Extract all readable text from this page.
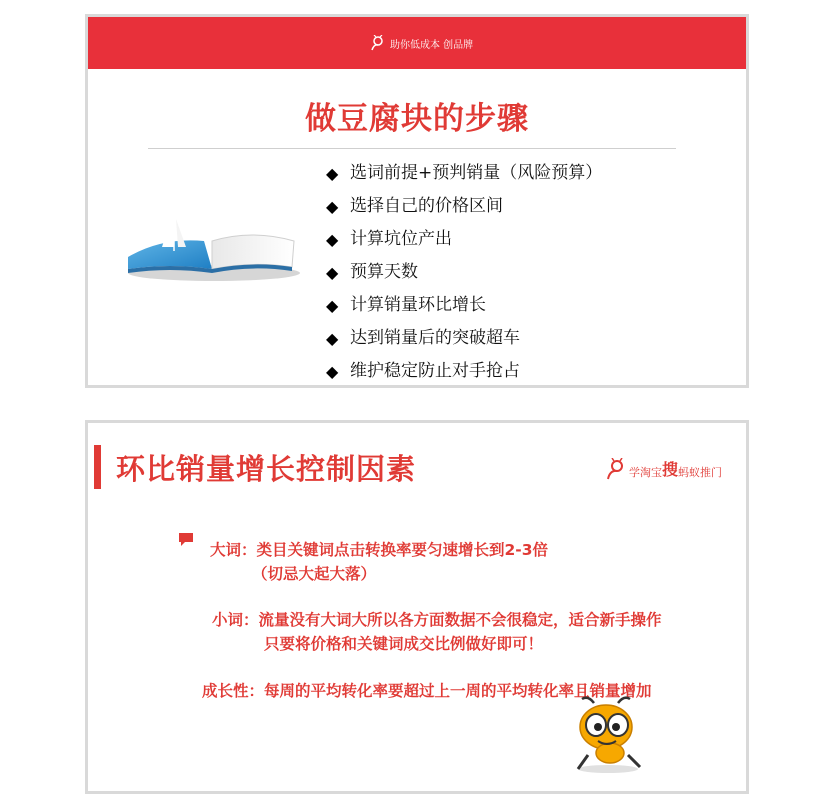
助你低成本 创品牌
做豆腐块的步骤
◆ 选词前提+预判销量（风险预算）
◆ 选择自己的价格区间
◆ 计算坑位产出
◆ 预算天数
◆ 计算销量环比增长
◆ 达到销量后的突破超车
◆ 维护稳定防止对手抢占
环比销量增长控制因素	学淘宝 搜 蚂蚁推门
大词：类目关键词点击转换率要匀速增长到2-3倍
（切忌大起大落）
小词：流量没有大词大所以各方面数据不会很稳定，适合新手操作
只要将价格和关键词成交比例做好即可！
成长性：每周的平均转化率要超过上一周的平均转化率且销量增加
